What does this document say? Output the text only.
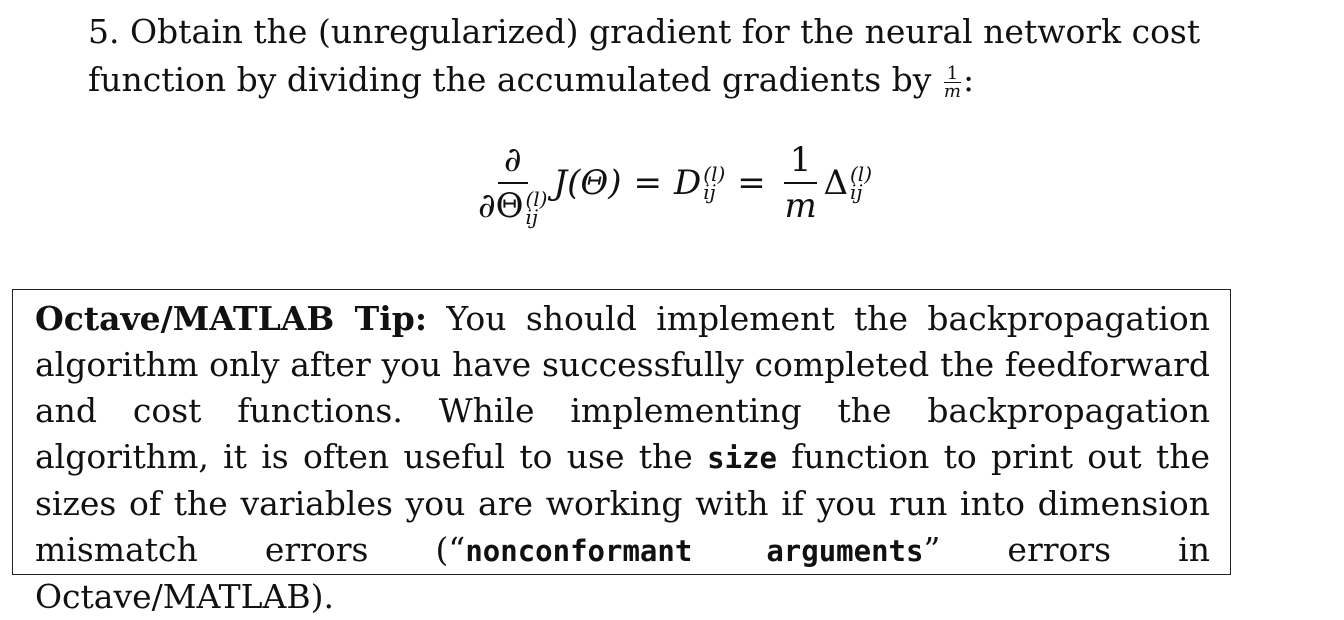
5. Obtain the (unregularized) gradient for the neural network cost function by dividing the accumulated gradients by $\frac{1}{m}$ :
∂
∂Θ (l)
ij J(Θ) = D (l)
ij = $\frac{1}{m}$ Δ (l)
ij
Octave/MATLAB Tip: You should implement the backpropagation algorithm only after you have successfully completed the feedforward and cost functions. While implementing the backpropagation algorithm, it is often useful to use the size function to print out the sizes of the variables you are working with if you run into dimension mismatch errors (“nonconformant arguments” errors in Octave/MATLAB).
